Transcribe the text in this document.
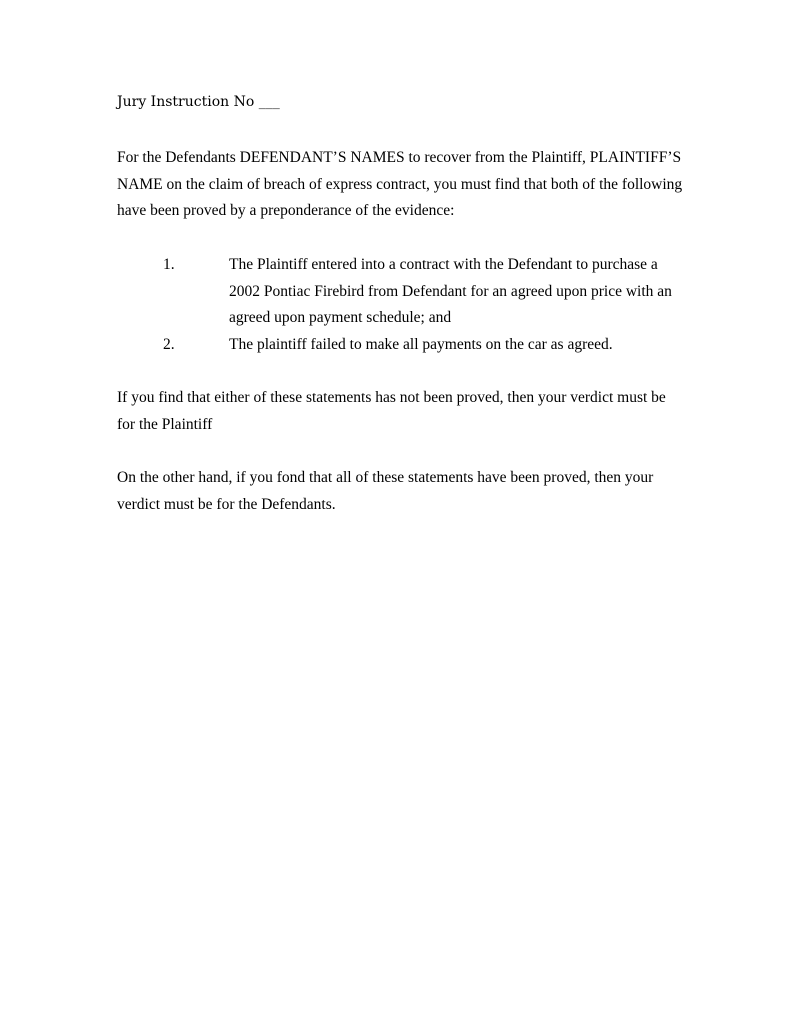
Jury Instruction No ___

For the Defendants DEFENDANT’S NAMES to recover from the Plaintiff, PLAINTIFF’S NAME on the claim of breach of express contract, you must find that both of the following have been proved by a preponderance of the evidence:

1.	The Plaintiff entered into a contract with the Defendant to purchase a 2002 Pontiac Firebird from Defendant for an agreed upon price with an agreed upon payment schedule; and
2.	The plaintiff failed to make all payments on the car as agreed.

If you find that either of these statements has not been proved, then your verdict must be for the Plaintiff

On the other hand, if you fond that all of these statements have been proved, then your verdict must be for the Defendants.
